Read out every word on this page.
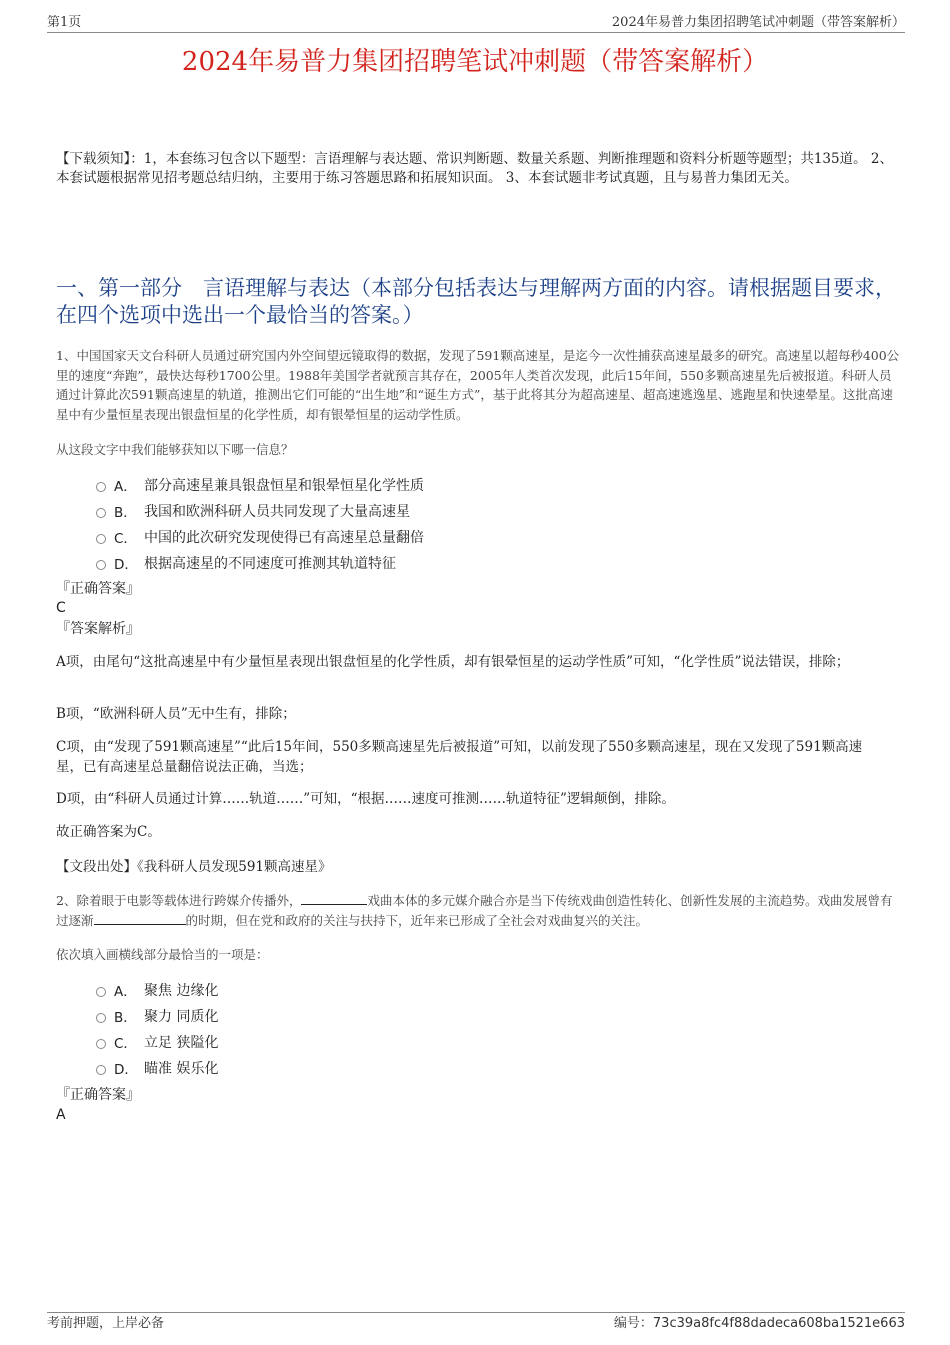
第1页	2024年易普力集团招聘笔试冲刺题（带答案解析）
2024年易普力集团招聘笔试冲刺题（带答案解析）

【下载须知】：1，本套练习包含以下题型：言语理解与表达题、常识判断题、数量关系题、判断推理题和资料分析题等题型；共135道。 2、本套试题根据常见招考题总结归纳，主要用于练习答题思路和拓展知识面。 3、本套试题非考试真题，且与易普力集团无关。

一、第一部分　言语理解与表达（本部分包括表达与理解两方面的内容。请根据题目要求，在四个选项中选出一个最恰当的答案。）

1、中国国家天文台科研人员通过研究国内外空间望远镜取得的数据，发现了591颗高速星，是迄今一次性捕获高速星最多的研究。高速星以超每秒400公里的速度“奔跑”，最快达每秒1700公里。1988年美国学者就预言其存在，2005年人类首次发现，此后15年间，550多颗高速星先后被报道。科研人员通过计算此次591颗高速星的轨道，推测出它们可能的“出生地”和“诞生方式”，基于此将其分为超高速星、超高速逃逸星、逃跑星和快速晕星。这批高速星中有少量恒星表现出银盘恒星的化学性质，却有银晕恒星的运动学性质。

从这段文字中我们能够获知以下哪一信息？

A． 部分高速星兼具银盘恒星和银晕恒星化学性质
B． 我国和欧洲科研人员共同发现了大量高速星
C． 中国的此次研究发现使得已有高速星总量翻倍
D． 根据高速星的不同速度可推测其轨道特征
『正确答案』
C
『答案解析』

A项，由尾句“这批高速星中有少量恒星表现出银盘恒星的化学性质，却有银晕恒星的运动学性质”可知，“化学性质”说法错误，排除；

B项，“欧洲科研人员”无中生有，排除；

C项，由“发现了591颗高速星”“此后15年间，550多颗高速星先后被报道”可知，以前发现了550多颗高速星，现在又发现了591颗高速星，已有高速星总量翻倍说法正确，当选；

D项，由“科研人员通过计算……轨道……”可知，“根据……速度可推测……轨道特征”逻辑颠倒，排除。

故正确答案为C。

【文段出处】《我科研人员发现591颗高速星》

2、除着眼于电影等载体进行跨媒介传播外，	戏曲本体的多元媒介融合亦是当下传统戏曲创造性转化、创新性发展的主流趋势。戏曲发展曾有过逐渐	的时期，但在党和政府的关注与扶持下，近年来已形成了全社会对戏曲复兴的关注。

依次填入画横线部分最恰当的一项是：

A． 聚焦 边缘化
B． 聚力 同质化
C． 立足 狭隘化
D． 瞄准 娱乐化
『正确答案』
A
考前押题，上岸必备	编号：73c39a8fc4f88dadeca608ba1521e663
